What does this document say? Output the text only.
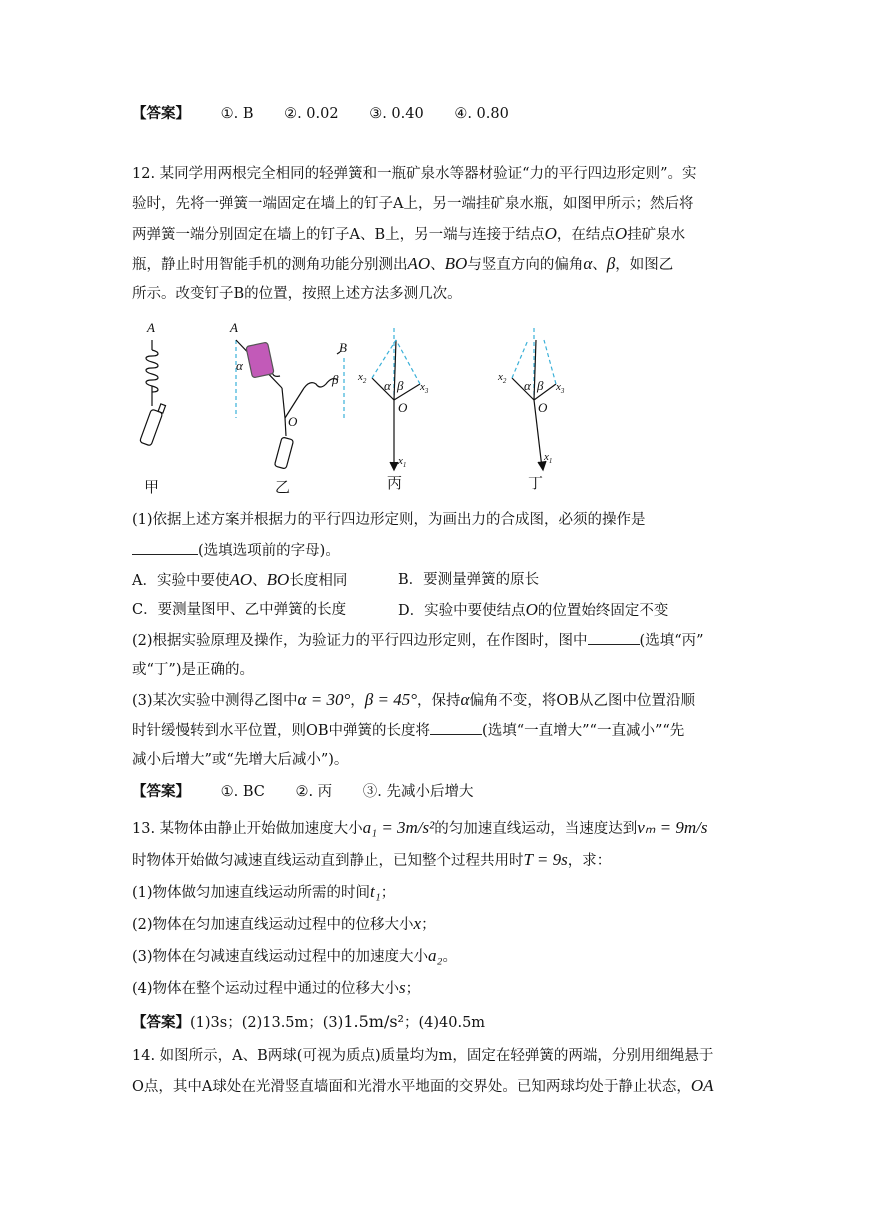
【答案】 ①. B ②. 0.02 ③. 0.40 ④. 0.80
12. 某同学用两根完全相同的轻弹簧和一瓶矿泉水等器材验证“力的平行四边形定则”。实
验时，先将一弹簧一端固定在墙上的钉子A上，另一端挂矿泉水瓶，如图甲所示；然后将
两弹簧一端分别固定在墙上的钉子A、B上，另一端与连接于结点O，在结点O挂矿泉水
瓶，静止时用智能手机的测角功能分别测出AO、BO与竖直方向的偏角α、β，如图乙
所示。改变钉子B的位置，按照上述方法多测几次。
A	A
B
O
α
β
O
α β
O
α β
$x_2$	$x_3$
$x_1$
$x_2$	$x_3$
$x_1$
甲	乙	丙	丁
(1)依据上述方案并根据力的平行四边形定则，为画出力的合成图，必须的操作是
(选填选项前的字母)。
A．实验中要使AO、BO长度相同	B．要测量弹簧的原长
C．要测量图甲、乙中弹簧的长度	D．实验中要使结点O的位置始终固定不变
(2)根据实验原理及操作，为验证力的平行四边形定则，在作图时，图中	(选填“丙”
或“丁”)是正确的。
(3)某次实验中测得乙图中α = 30°，β = 45°，保持α偏角不变，将OB从乙图中位置沿顺
时针缓慢转到水平位置，则OB中弹簧的长度将	(选填“一直增大”“一直减小”“先
减小后增大”或“先增大后减小”)。
【答案】 ①. BC ②. 丙 ③. 先减小后增大
13. 某物体由静止开始做加速度大小a₁ = 3m/s²的匀加速直线运动，当速度达到vₘ = 9m/s
时物体开始做匀减速直线运动直到静止，已知整个过程共用时T = 9s，求：
(1)物体做匀加速直线运动所需的时间t₁；
(2)物体在匀加速直线运动过程中的位移大小x；
(3)物体在匀减速直线运动过程中的加速度大小a₂。
(4)物体在整个运动过程中通过的位移大小s；
【答案】(1)3s；(2)13.5m；(3)1.5m/s²；(4)40.5m
14. 如图所示，A、B两球(可视为质点)质量均为m，固定在轻弹簧的两端，分别用细绳悬于
O点，其中A球处在光滑竖直墙面和光滑水平地面的交界处。已知两球均处于静止状态，OA
